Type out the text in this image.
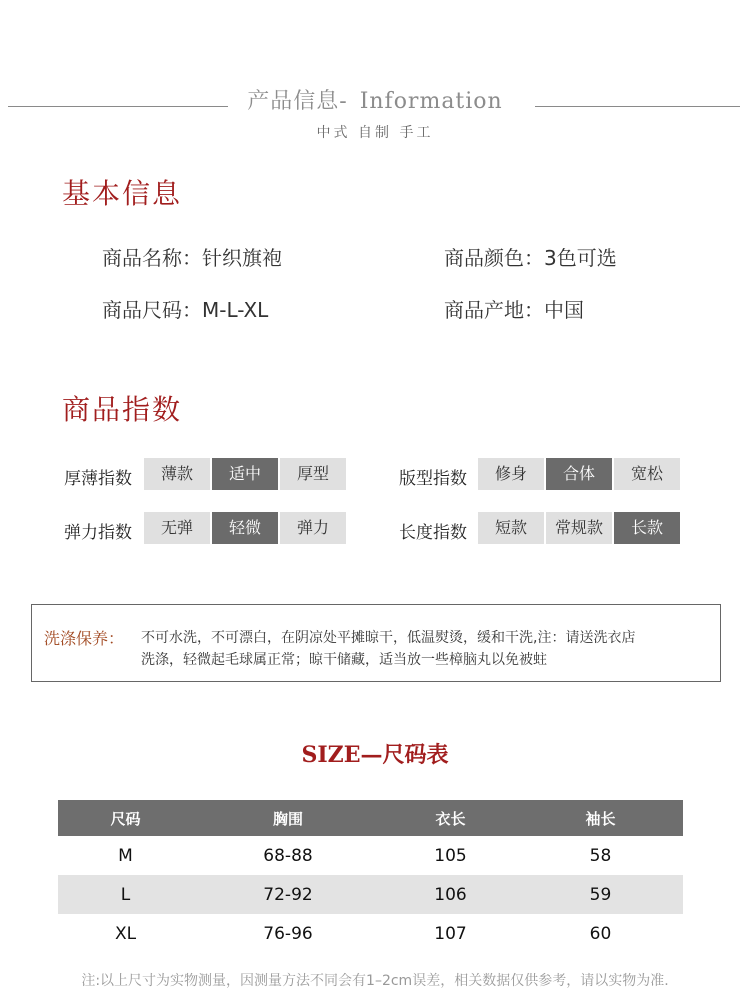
产品信息- Information
中式 自制 手工
基本信息
商品名称：针织旗袍	商品颜色：3色可选
商品尺码：M-L-XL	商品产地：中国
商品指数
厚薄指数	薄款	适中	厚型	版型指数	修身	合体	宽松
弹力指数	无弹	轻微	弹力	长度指数	短款	常规款	长款
洗涤保养： 不可水洗，不可漂白，在阴凉处平摊晾干，低温熨烫，缓和干洗,注：请送洗衣店
洗涤，轻微起毛球属正常；晾干储藏，适当放一些樟脑丸以免被蛀
SIZE—尺码表
尺码	胸围	衣长	袖长
M	68-88	105	58
L	72-92	106	59
XL	76-96	107	60
注:以上尺寸为实物测量，因测量方法不同会有1–2cm误差，相关数据仅供参考，请以实物为准.
